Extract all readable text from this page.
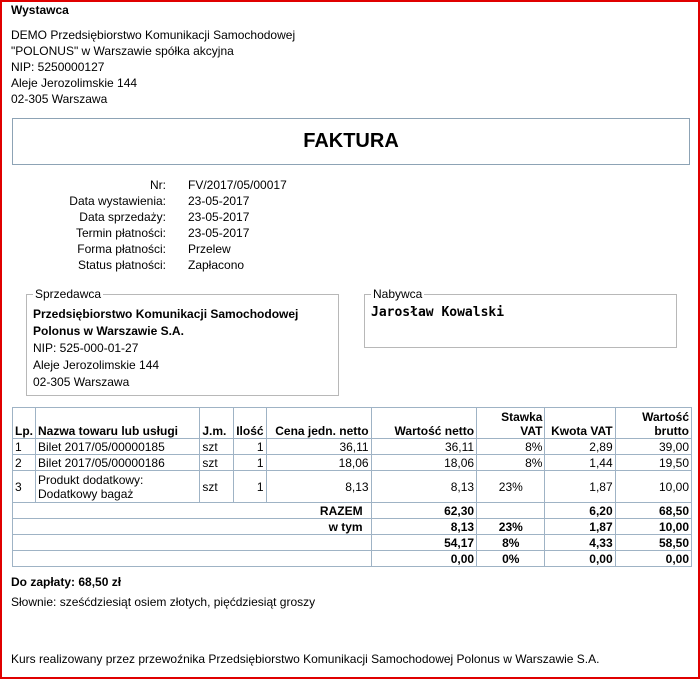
Wystawca
DEMO Przedsiębiorstwo Komunikacji Samochodowej
"POLONUS" w Warszawie spółka akcyjna
NIP: 5250000127
Aleje Jerozolimskie 144
02-305 Warszawa
FAKTURA
Nr:	FV/2017/05/00017
Data wystawienia:	23-05-2017
Data sprzedaży:	23-05-2017
Termin płatności:	23-05-2017
Forma płatności:	Przelew
Status płatności:	Zapłacono
Sprzedawca
Przedsiębiorstwo Komunikacji Samochodowej
Polonus w Warszawie S.A.
NIP: 525-000-01-27
Aleje Jerozolimskie 144
02-305 Warszawa
Nabywca
Jarosław Kowalski
Lp.	Nazwa towaru lub usługi	J.m.	Ilość	Cena jedn. netto	Wartość netto	Stawka
VAT	Kwota VAT	Wartość
brutto
1	Bilet 2017/05/00000185	szt	1	36,11	36,11	8%	2,89	39,00
2	Bilet 2017/05/00000186	szt	1	18,06	18,06	8%	1,44	19,50
3	Produkt dodatkowy: Dodatkowy bagaż	szt	1	8,13	8,13	23%	1,87	10,00
RAZEM					62,30		6,20	68,50
w tym					8,13	23%	1,87	10,00
					54,17	8%	4,33	58,50
					0,00	0%	0,00	0,00
Do zapłaty: 68,50 zł
Słownie: sześćdziesiąt osiem złotych, pięćdziesiąt groszy
Kurs realizowany przez przewoźnika Przedsiębiorstwo Komunikacji Samochodowej Polonus w Warszawie S.A.
